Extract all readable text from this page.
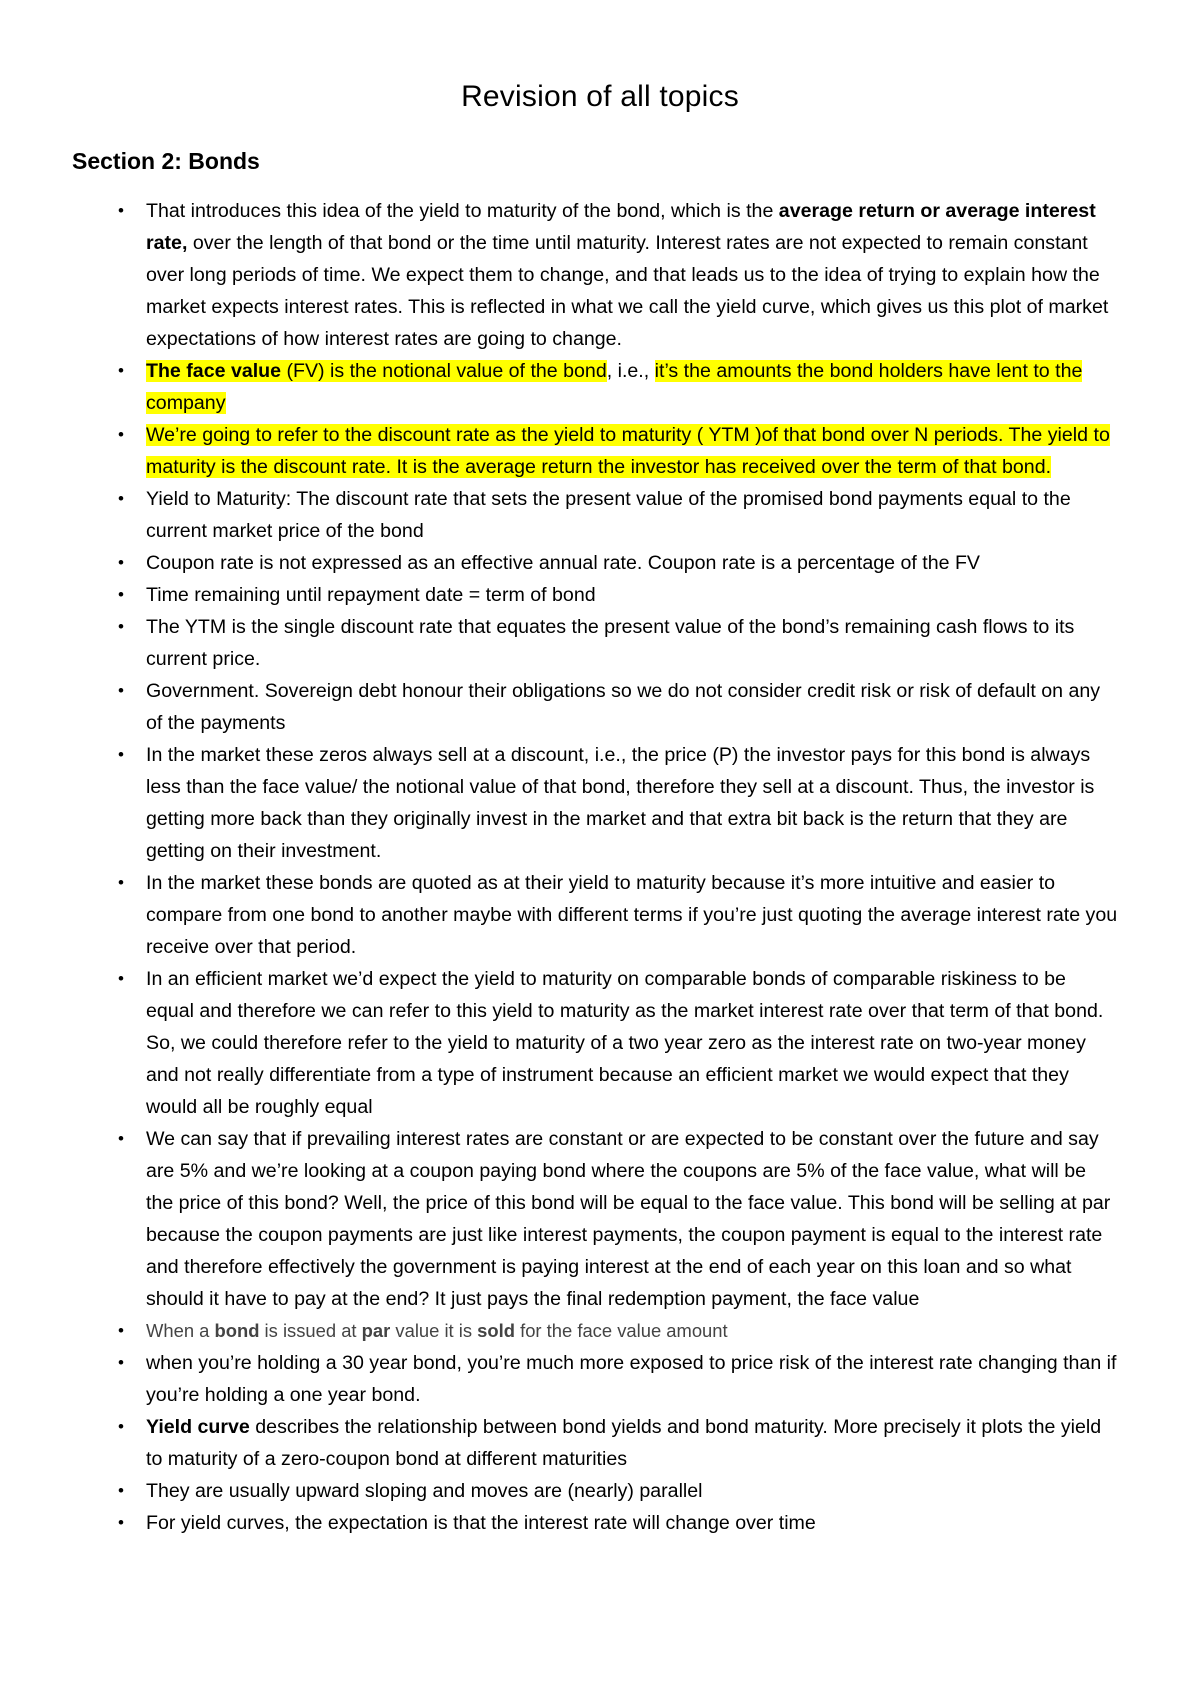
Revision of all topics
Section 2: Bonds
•	That introduces this idea of the yield to maturity of the bond, which is the average return or average interest rate, over the length of that bond or the time until maturity. Interest rates are not expected to remain constant over long periods of time. We expect them to change, and that leads us to the idea of trying to explain how the market expects interest rates. This is reflected in what we call the yield curve, which gives us this plot of market expectations of how interest rates are going to change.
•	The face value (FV) is the notional value of the bond, i.e., it’s the amounts the bond holders have lent to the company
•	We’re going to refer to the discount rate as the yield to maturity ( YTM )of that bond over N periods. The yield to maturity is the discount rate. It is the average return the investor has received over the term of that bond.
•	Yield to Maturity: The discount rate that sets the present value of the promised bond payments equal to the current market price of the bond
•	Coupon rate is not expressed as an effective annual rate. Coupon rate is a percentage of the FV
•	Time remaining until repayment date = term of bond
•	The YTM is the single discount rate that equates the present value of the bond’s remaining cash flows to its current price.
•	Government. Sovereign debt honour their obligations so we do not consider credit risk or risk of default on any of the payments
•	In the market these zeros always sell at a discount, i.e., the price (P) the investor pays for this bond is always less than the face value/ the notional value of that bond, therefore they sell at a discount. Thus, the investor is getting more back than they originally invest in the market and that extra bit back is the return that they are getting on their investment.
•	In the market these bonds are quoted as at their yield to maturity because it’s more intuitive and easier to compare from one bond to another maybe with different terms if you’re just quoting the average interest rate you receive over that period.
•	In an efficient market we’d expect the yield to maturity on comparable bonds of comparable riskiness to be equal and therefore we can refer to this yield to maturity as the market interest rate over that term of that bond. So, we could therefore refer to the yield to maturity of a two year zero as the interest rate on two-year money and not really differentiate from a type of instrument because an efficient market we would expect that they would all be roughly equal
•	We can say that if prevailing interest rates are constant or are expected to be constant over the future and say are 5% and we’re looking at a coupon paying bond where the coupons are 5% of the face value, what will be the price of this bond? Well, the price of this bond will be equal to the face value. This bond will be selling at par because the coupon payments are just like interest payments, the coupon payment is equal to the interest rate and therefore effectively the government is paying interest at the end of each year on this loan and so what should it have to pay at the end? It just pays the final redemption payment, the face value
•	When a bond is issued at par value it is sold for the face value amount
•	when you’re holding a 30 year bond, you’re much more exposed to price risk of the interest rate changing than if you’re holding a one year bond.
•	Yield curve describes the relationship between bond yields and bond maturity. More precisely it plots the yield to maturity of a zero-coupon bond at different maturities
•	They are usually upward sloping and moves are (nearly) parallel
•	For yield curves, the expectation is that the interest rate will change over time
